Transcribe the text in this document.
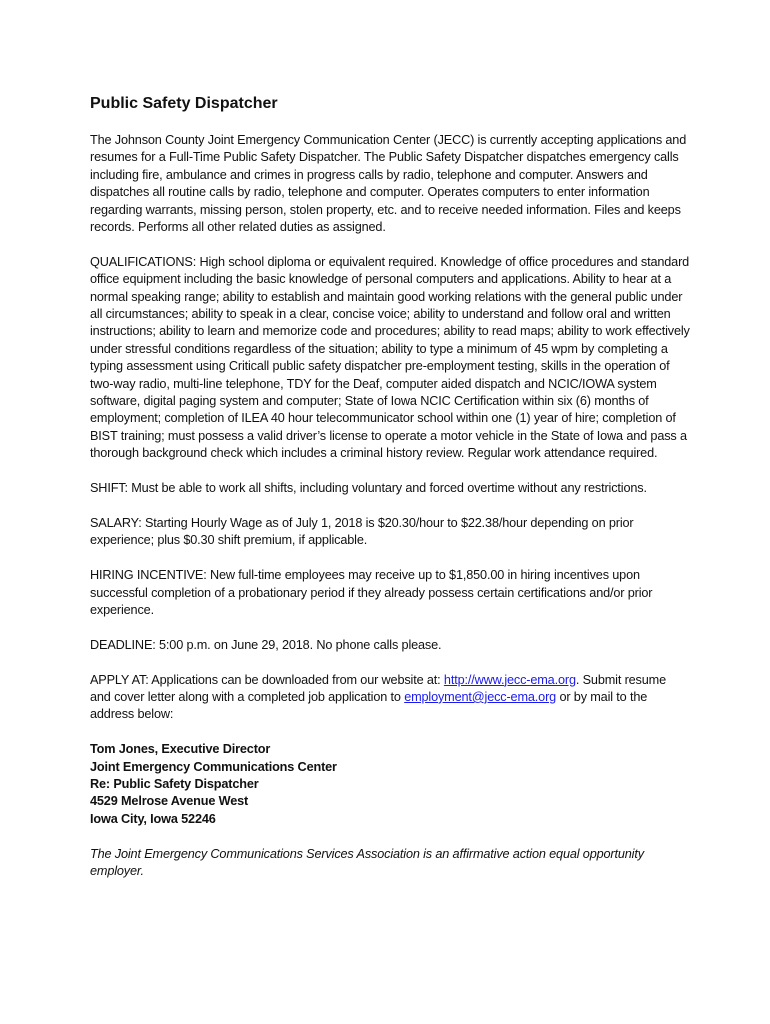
Public Safety Dispatcher

The Johnson County Joint Emergency Communication Center (JECC) is currently accepting applications and resumes for a Full-Time Public Safety Dispatcher. The Public Safety Dispatcher dispatches emergency calls including fire, ambulance and crimes in progress calls by radio, telephone and computer. Answers and dispatches all routine calls by radio, telephone and computer. Operates computers to enter information regarding warrants, missing person, stolen property, etc. and to receive needed information. Files and keeps records. Performs all other related duties as assigned.

QUALIFICATIONS: High school diploma or equivalent required. Knowledge of office procedures and standard office equipment including the basic knowledge of personal computers and applications. Ability to hear at a normal speaking range; ability to establish and maintain good working relations with the general public under all circumstances; ability to speak in a clear, concise voice; ability to understand and follow oral and written instructions; ability to learn and memorize code and procedures; ability to read maps; ability to work effectively under stressful conditions regardless of the situation; ability to type a minimum of 45 wpm by completing a typing assessment using Criticall public safety dispatcher pre-employment testing, skills in the operation of two-way radio, multi-line telephone, TDY for the Deaf, computer aided dispatch and NCIC/IOWA system software, digital paging system and computer; State of Iowa NCIC Certification within six (6) months of employment; completion of ILEA 40 hour telecommunicator school within one (1) year of hire; completion of BIST training; must possess a valid driver’s license to operate a motor vehicle in the State of Iowa and pass a thorough background check which includes a criminal history review. Regular work attendance required.

SHIFT: Must be able to work all shifts, including voluntary and forced overtime without any restrictions.

SALARY: Starting Hourly Wage as of July 1, 2018 is $20.30/hour to $22.38/hour depending on prior experience; plus $0.30 shift premium, if applicable.

HIRING INCENTIVE: New full-time employees may receive up to $1,850.00 in hiring incentives upon successful completion of a probationary period if they already possess certain certifications and/or prior experience.

DEADLINE: 5:00 p.m. on June 29, 2018. No phone calls please.

APPLY AT: Applications can be downloaded from our website at: http://www.jecc-ema.org. Submit resume and cover letter along with a completed job application to employment@jecc-ema.org or by mail to the address below:

Tom Jones, Executive Director
Joint Emergency Communications Center
Re: Public Safety Dispatcher
4529 Melrose Avenue West
Iowa City, Iowa 52246

The Joint Emergency Communications Services Association is an affirmative action equal opportunity employer.
